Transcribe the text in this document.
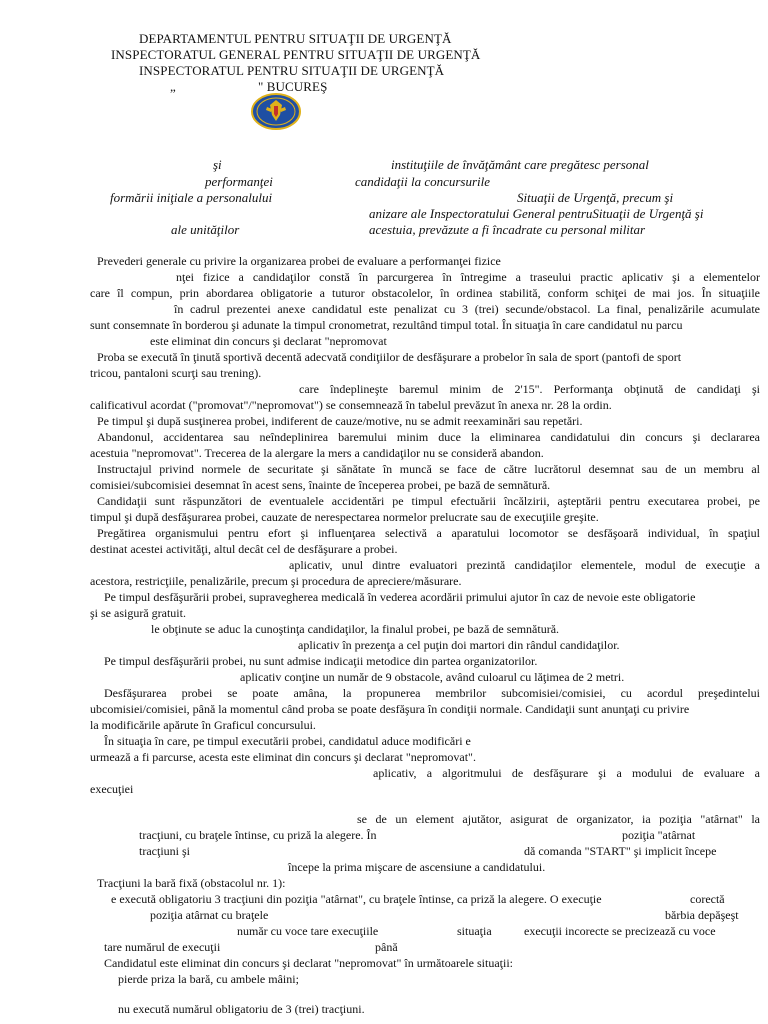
DEPARTAMENTUL PENTRU SITUAŢII DE URGENŢĂ
INSPECTORATUL GENERAL PENTRU SITUAŢII DE URGENŢĂ
INSPECTORATUL PENTRU SITUAŢII DE URGENŢĂ
„	" BUCUREŞ
şi	instituţiile de învăţământ care pregătesc personal
performanţei	candidaţii la concursurile
formării iniţiale a personalului	Situaţii de Urgenţă, precum şi
anizare ale Inspectoratului General pentruSituaţii de Urgenţă şi
ale unităţilor	acestuia, prevăzute a fi încadrate cu personal militar
Prevederi generale cu privire la organizarea probei de evaluare a performanţei fizice
nţei fizice a candidaţilor constă în parcurgerea în întregime a traseului practic aplicativ şi a elementelor
care îl compun, prin abordarea obligatorie a tuturor obstacolelor, în ordinea stabilită, conform schiţei de mai jos. În situaţiile
în cadrul prezentei anexe candidatul este penalizat cu 3 (trei) secunde/obstacol. La final, penalizările acumulate
sunt consemnate în borderou şi adunate la timpul cronometrat, rezultând timpul total. În situaţia în care candidatul nu parcu
este eliminat din concurs şi declarat "nepromovat
Proba se execută în ţinută sportivă decentă adecvată condiţiilor de desfăşurare a probelor în sala de sport (pantofi de sport
tricou, pantaloni scurţi sau trening).
care îndeplineşte baremul minim de 2'15". Performanţa obţinută de candidaţi şi
calificativul acordat ("promovat"/"nepromovat") se consemnează în tabelul prevăzut în anexa nr. 28 la ordin.
Pe timpul şi după susţinerea probei, indiferent de cauze/motive, nu se admit reexaminări sau repetări.
Abandonul, accidentarea sau neîndeplinirea baremului minim duce la eliminarea candidatului din concurs şi declararea
acestuia "nepromovat". Trecerea de la alergare la mers a candidaţilor nu se consideră abandon.
Instructajul privind normele de securitate şi sănătate în muncă se face de către lucrătorul desemnat sau de un membru al
comisiei/subcomisiei desemnat în acest sens, înainte de începerea probei, pe bază de semnătură.
Candidaţii sunt răspunzători de eventualele accidentări pe timpul efectuării încălzirii, aşteptării pentru executarea probei, pe
timpul şi după desfăşurarea probei, cauzate de nerespectarea normelor prelucrate sau de execuţiile greşite.
Pregătirea organismului pentru efort şi influenţarea selectivă a aparatului locomotor se desfăşoară individual, în spaţiul
destinat acestei activităţi, altul decât cel de desfăşurare a probei.
aplicativ, unul dintre evaluatori prezintă candidaţilor elementele, modul de execuţie a
acestora, restricţiile, penalizările, precum şi procedura de apreciere/măsurare.
Pe timpul desfăşurării probei, supravegherea medicală în vederea acordării primului ajutor în caz de nevoie este obligatorie
şi se asigură gratuit.
le obţinute se aduc la cunoştinţa candidaţilor, la finalul probei, pe bază de semnătură.
aplicativ în prezenţa a cel puţin doi martori din rândul candidaţilor.
Pe timpul desfăşurării probei, nu sunt admise indicaţii metodice din partea organizatorilor.
aplicativ conţine un număr de 9 obstacole, având culoarul cu lăţimea de 2 metri.
Desfăşurarea probei se poate amâna, la propunerea membrilor subcomisiei/comisiei, cu acordul preşedintelui
ubcomisiei/comisiei, până la momentul când proba se poate desfăşura în condiţii normale. Candidaţii sunt anunţaţi cu privire
la modificările apărute în Graficul concursului.
În situaţia în care, pe timpul executării probei, candidatul aduce modificări e
urmează a fi parcurse, acesta este eliminat din concurs şi declarat "nepromovat".
aplicativ, a algoritmului de desfăşurare şi a modului de evaluare a
execuţiei
se de un element ajutător, asigurat de organizator, ia poziţia "atârnat" la
tracţiuni, cu braţele întinse, cu priză la alegere. În	poziţia "atârnat
tracţiuni şi	dă comanda "START" şi implicit începe
începe la prima mişcare de ascensiune a candidatului.
Tracţiuni la bară fixă (obstacolul nr. 1):
e execută obligatoriu 3 tracţiuni din poziţia "atârnat", cu braţele întinse, ca priză la alegere. O execuţie	corectă
poziţia atârnat cu braţele	bărbia depăşeşt
număr cu voce tare execuţiile	situaţia	execuţii incorecte se precizează cu voce
tare numărul de execuţii	până
Candidatul este eliminat din concurs şi declarat "nepromovat" în următoarele situaţii:
pierde priza la bară, cu ambele mâini;
nu execută numărul obligatoriu de 3 (trei) tracţiuni.
